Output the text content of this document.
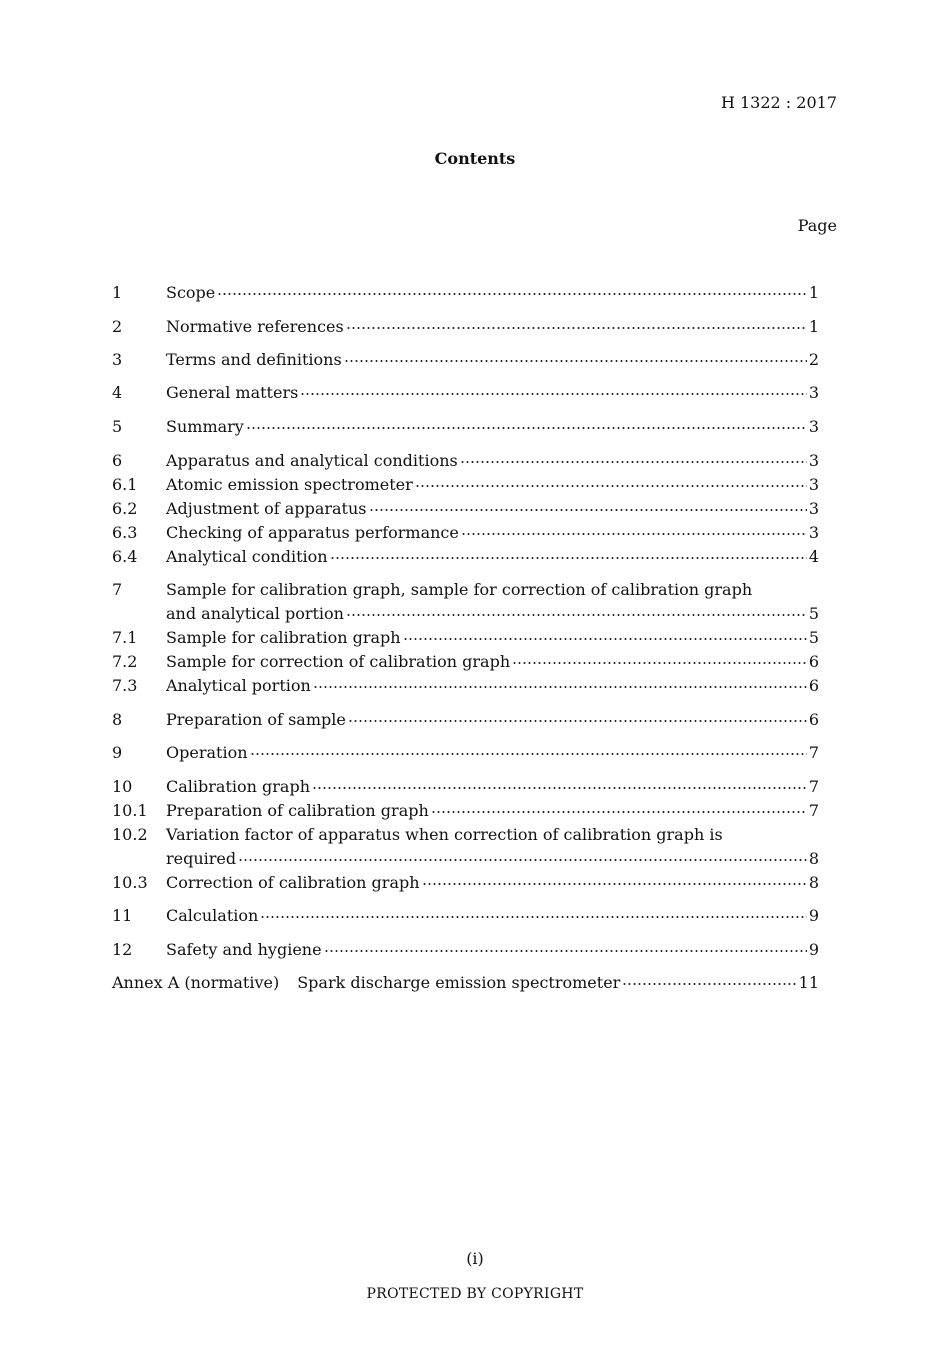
H 1322 : 2017
Contents
Page
1	Scope	1
2	Normative references	1
3	Terms and definitions	2
4	General matters	3
5	Summary	3
6	Apparatus and analytical conditions	3
6.1 Atomic emission spectrometer	3
6.2 Adjustment of apparatus	3
6.3 Checking of apparatus performance	3
6.4 Analytical condition	4
7	Sample for calibration graph, sample for correction of calibration graph
and analytical portion	5
7.1 Sample for calibration graph	5
7.2 Sample for correction of calibration graph	6
7.3 Analytical portion	6
8	Preparation of sample	6
9	Operation	7
10 Calibration graph	7
10.1 Preparation of calibration graph	7
10.2 Variation factor of apparatus when correction of calibration graph is
required	8
10.3 Correction of calibration graph	8
11 Calculation	9
12 Safety and hygiene	9
Annex A (normative) Spark discharge emission spectrometer	11
(i)
PROTECTED BY COPYRIGHT
